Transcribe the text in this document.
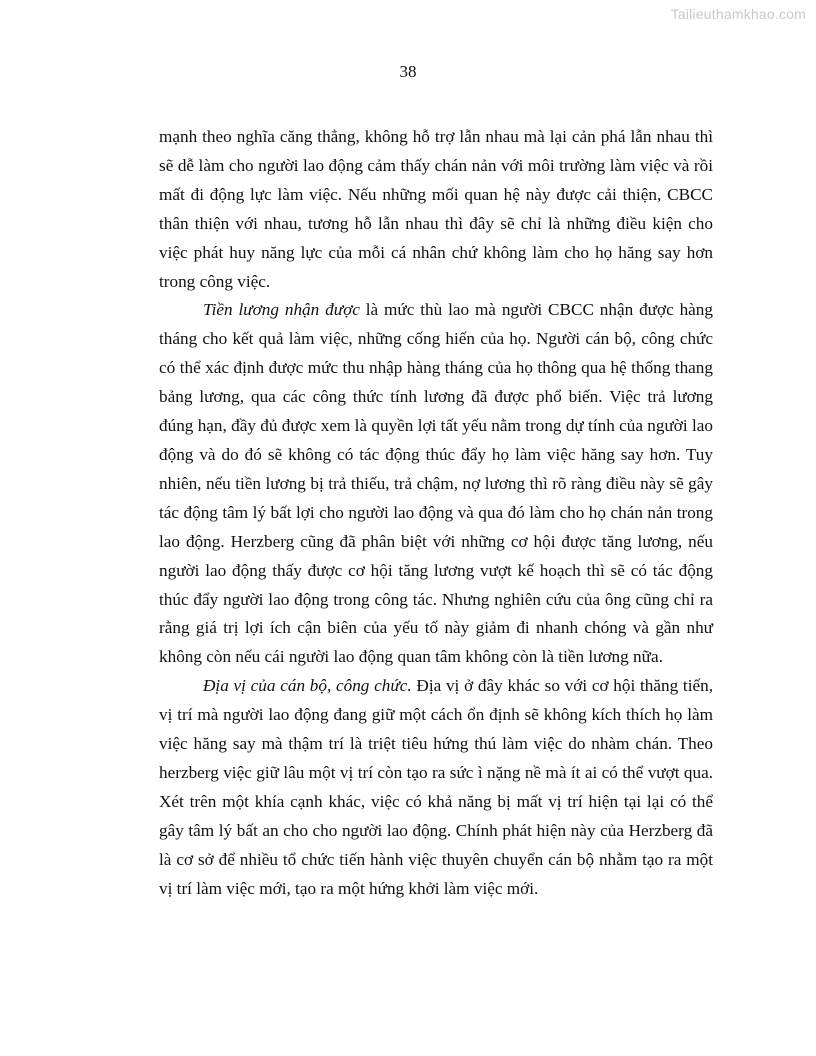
Tailieuthamkhao.com
38

mạnh theo nghĩa căng thẳng, không hỗ trợ lẫn nhau mà lại cản phá lẫn nhau thì sẽ dễ làm cho người lao động cảm thấy chán nản với môi trường làm việc và rồi mất đi động lực làm việc. Nếu những mối quan hệ này được cải thiện, CBCC thân thiện với nhau, tương hỗ lẫn nhau thì đây sẽ chỉ là những điều kiện cho việc phát huy năng lực của mỗi cá nhân chứ không làm cho họ hăng say hơn trong công việc.

Tiền lương nhận được là mức thù lao mà người CBCC nhận được hàng tháng cho kết quả làm việc, những cống hiến của họ. Người cán bộ, công chức có thể xác định được mức thu nhập hàng tháng của họ thông qua hệ thống thang bảng lương, qua các công thức tính lương đã được phổ biến. Việc trả lương đúng hạn, đầy đủ được xem là quyền lợi tất yếu nằm trong dự tính của người lao động và do đó sẽ không có tác động thúc đẩy họ làm việc hăng say hơn. Tuy nhiên, nếu tiền lương bị trả thiếu, trả chậm, nợ lương thì rõ ràng điều này sẽ gây tác động tâm lý bất lợi cho người lao động và qua đó làm cho họ chán nản trong lao động. Herzberg cũng đã phân biệt với những cơ hội được tăng lương, nếu người lao động thấy được cơ hội tăng lương vượt kế hoạch thì sẽ có tác động thúc đẩy người lao động trong công tác. Nhưng nghiên cứu của ông cũng chỉ ra rằng giá trị lợi ích cận biên của yếu tố này giảm đi nhanh chóng và gần như không còn nếu cái người lao động quan tâm không còn là tiền lương nữa.

Địa vị của cán bộ, công chức. Địa vị ở đây khác so với cơ hội thăng tiến, vị trí mà người lao động đang giữ một cách ổn định sẽ không kích thích họ làm việc hăng say mà thậm trí là triệt tiêu hứng thú làm việc do nhàm chán. Theo herzberg việc giữ lâu một vị trí còn tạo ra sức ì nặng nề mà ít ai có thể vượt qua. Xét trên một khía cạnh khác, việc có khả năng bị mất vị trí hiện tại lại có thể gây tâm lý bất an cho cho người lao động. Chính phát hiện này của Herzberg đã là cơ sở để nhiều tổ chức tiến hành việc thuyên chuyển cán bộ nhằm tạo ra một vị trí làm việc mới, tạo ra một hứng khởi làm việc mới.
